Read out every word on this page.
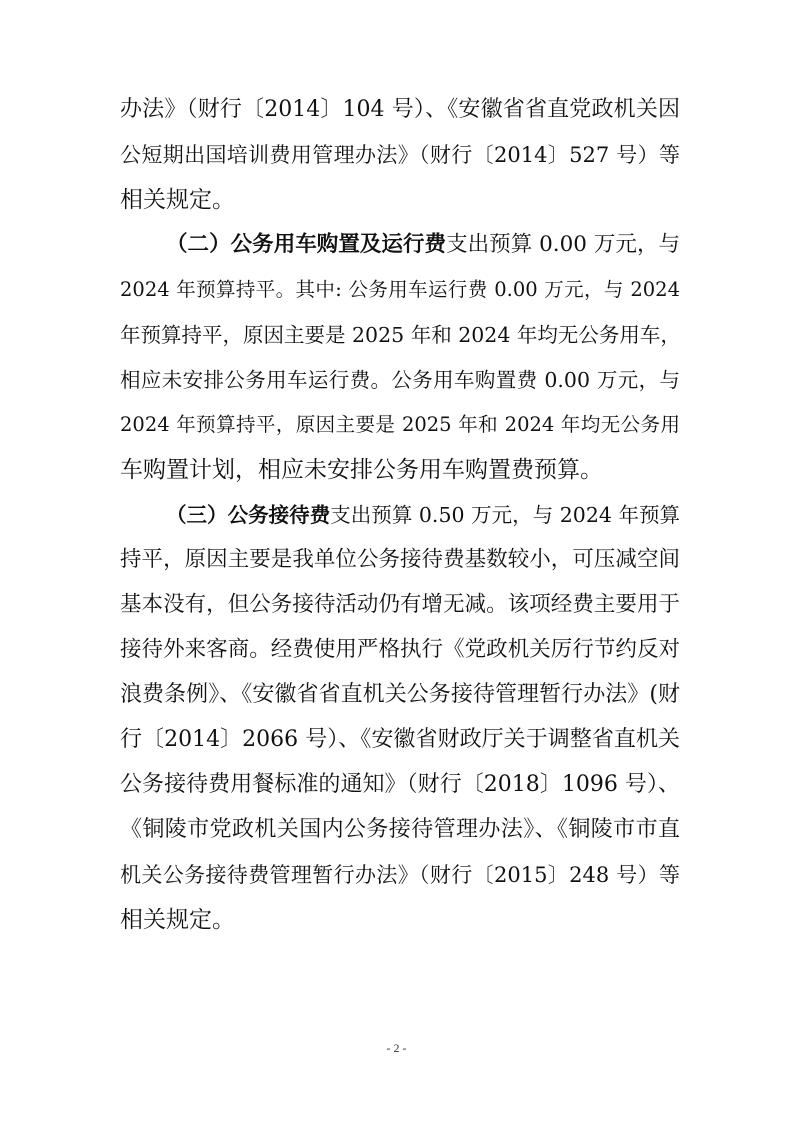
办法》（财行〔2014〕104 号）、《安徽省省直党政机关因
公短期出国培训费用管理办法》（财行〔2014〕527 号）等
相关规定。
（二）公务用车购置及运行费支出预算 0.00 万元，与
2024 年预算持平。其中: 公务用车运行费 0.00 万元，与 2024
年预算持平，原因主要是 2025 年和 2024 年均无公务用车，
相应未安排公务用车运行费。公务用车购置费 0.00 万元，与
2024 年预算持平，原因主要是 2025 年和 2024 年均无公务用
车购置计划，相应未安排公务用车购置费预算。
（三）公务接待费支出预算 0.50 万元，与 2024 年预算
持平，原因主要是我单位公务接待费基数较小，可压减空间
基本没有，但公务接待活动仍有增无减。该项经费主要用于
接待外来客商。经费使用严格执行《党政机关厉行节约反对
浪费条例》、《安徽省省直机关公务接待管理暂行办法》(财
行〔2014〕2066 号）、《安徽省财政厅关于调整省直机关
公务接待费用餐标准的通知》（财行〔2018〕1096 号）、
《铜陵市党政机关国内公务接待管理办法》、《铜陵市市直
机关公务接待费管理暂行办法》（财行〔2015〕248 号）等
相关规定。
- 2 -
